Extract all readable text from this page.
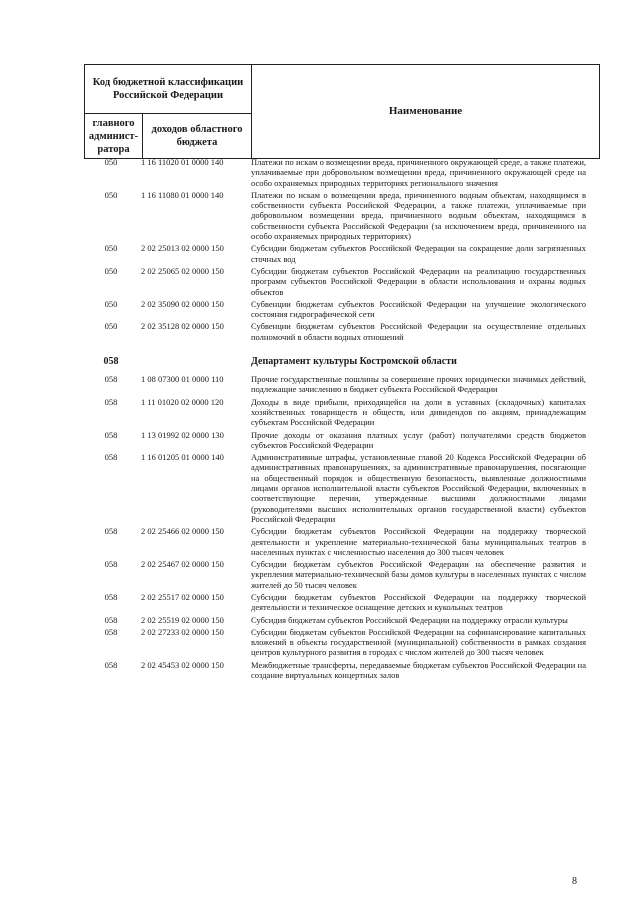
Код бюджетной классификации Российской Федерации		Наименование
главного админист-ратора	доходов областного бюджета	
050	1 16 11020 01 0000 140	Платежи по искам о возмещении вреда, причиненного окружающей среде, а также платежи, уплачиваемые при добровольном возмещении вреда, причиненного окружающей среде на особо охраняемых природных территориях регионального значения
050	1 16 11080 01 0000 140	Платежи по искам о возмещении вреда, причиненного водным объектам, находящимся в собственности субъекта Российской Федерации, а также платежи, уплачиваемые при добровольном возмещении вреда, причиненного водным объектам, находящимся в собственности субъекта Российской Федерации (за исключением вреда, причиненного на особо охраняемых природных территориях)
050	2 02 25013 02 0000 150	Субсидии бюджетам субъектов Российской Федерации на сокращение доли загрязненных сточных вод
050	2 02 25065 02 0000 150	Субсидии бюджетам субъектов Российской Федерации на реализацию государственных программ субъектов Российской Федерации в области использования и охраны водных объектов
050	2 02 35090 02 0000 150	Субвенции бюджетам субъектов Российской Федерации на улучшение экологического состояния гидрографической сети
050	2 02 35128 02 0000 150	Субвенции бюджетам субъектов Российской Федерации на осуществление отдельных полномочий в области водных отношений
058	Департамент культуры Костромской области
058	1 08 07300 01 0000 110	Прочие государственные пошлины за совершение прочих юридически значимых действий, подлежащие зачислению в бюджет субъекта Российской Федерации
058	1 11 01020 02 0000 120	Доходы в виде прибыли, приходящейся на доли в уставных (складочных) капиталах хозяйственных товариществ и обществ, или дивидендов по акциям, принадлежащим субъектам Российской Федерации
058	1 13 01992 02 0000 130	Прочие доходы от оказания платных услуг (работ) получателями средств бюджетов субъектов Российской Федерации
058	1 16 01205 01 0000 140	Административные штрафы, установленные главой 20 Кодекса Российской Федерации об административных правонарушениях, за административные правонарушения, посягающие на общественный порядок и общественную безопасность, выявленные должностными лицами органов исполнительной власти субъектов Российской Федерации, включенных в соответствующие перечни, утвержденные высшими должностными лицами (руководителями высших исполнительных органов государственной власти) субъектов Российской Федерации
058	2 02 25466 02 0000 150	Субсидии бюджетам субъектов Российской Федерации на поддержку творческой деятельности и укрепление материально-технической базы муниципальных театров в населенных пунктах с численностью населения до 300 тысяч человек
058	2 02 25467 02 0000 150	Субсидии бюджетам субъектов Российской Федерации на обеспечение развития и укрепления материально-технической базы домов культуры в населенных пунктах с числом жителей до 50 тысяч человек
058	2 02 25517 02 0000 150	Субсидии бюджетам субъектов Российской Федерации на поддержку творческой деятельности и техническое оснащение детских и кукольных театров
058	2 02 25519 02 0000 150	Субсидия бюджетам субъектов Российской Федерации на поддержку отрасли культуры
058	2 02 27233 02 0000 150	Субсидии бюджетам субъектов Российской Федерации на софинансирование капитальных вложений в объекты государственной (муниципальной) собственности в рамках создания центров культурного развития в городах с числом жителей до 300 тысяч человек
058	2 02 45453 02 0000 150	Межбюджетные трансферты, передаваемые бюджетам субъектов Российской Федерации на создание виртуальных концертных залов
8
